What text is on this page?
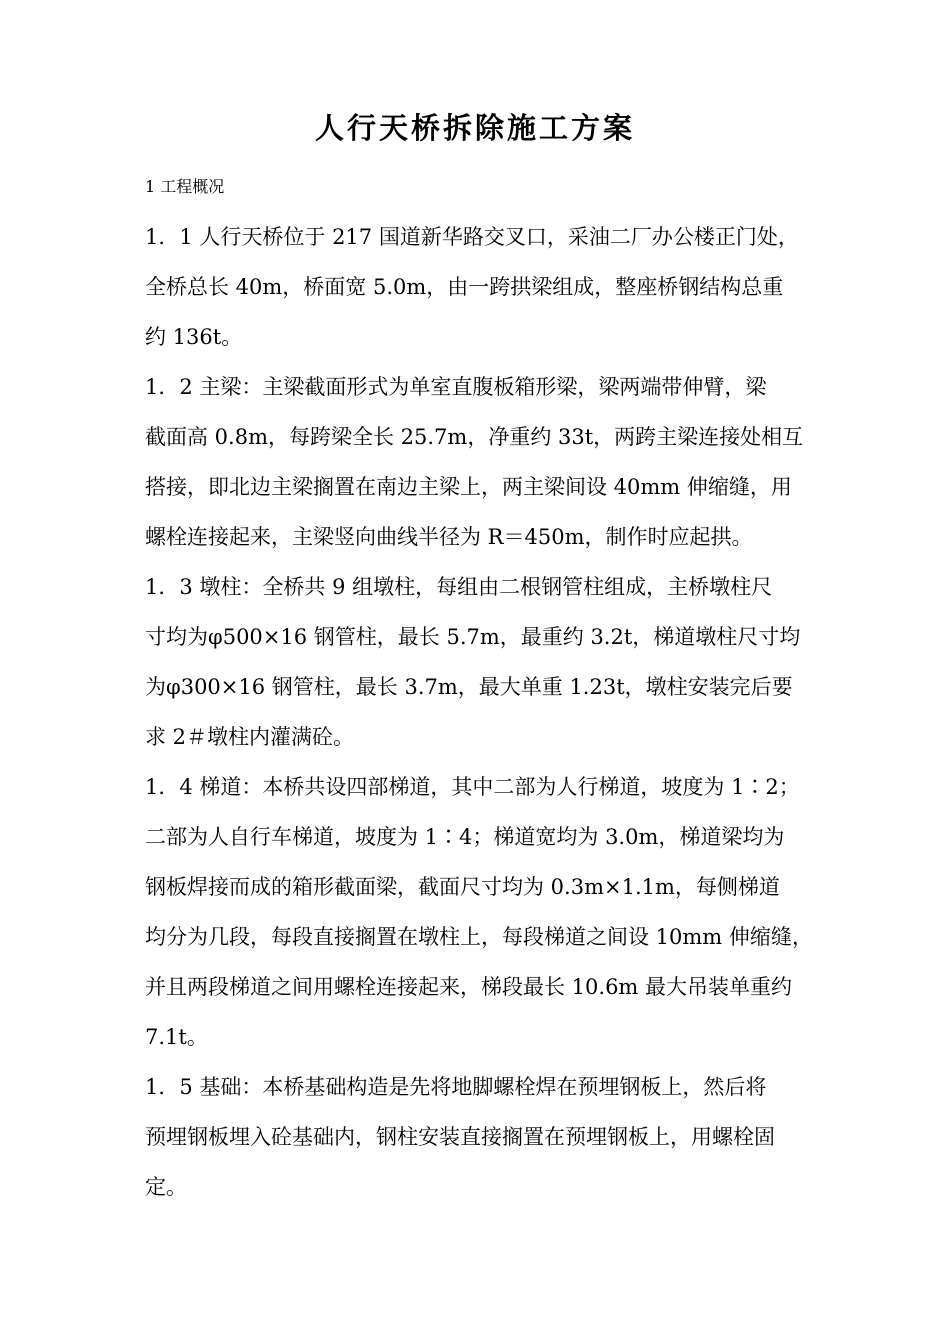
人行天桥拆除施工方案
1 工程概况
1．1 人行天桥位于 217 国道新华路交叉口，采油二厂办公楼正门处，
全桥总长 40m，桥面宽 5.0m，由一跨拱梁组成，整座桥钢结构总重
约 136t。
1．2 主梁：主梁截面形式为单室直腹板箱形梁，梁两端带伸臂，梁
截面高 0.8m，每跨梁全长 25.7m，净重约 33t，两跨主梁连接处相互
搭接，即北边主梁搁置在南边主梁上，两主梁间设 40mm 伸缩缝，用
螺栓连接起来，主梁竖向曲线半径为 R＝450m，制作时应起拱。
1．3 墩柱：全桥共 9 组墩柱，每组由二根钢管柱组成，主桥墩柱尺
寸均为φ500×16 钢管柱，最长 5.7m，最重约 3.2t，梯道墩柱尺寸均
为φ300×16 钢管柱，最长 3.7m，最大单重 1.23t，墩柱安装完后要
求 2＃墩柱内灌满砼。
1．4 梯道：本桥共设四部梯道，其中二部为人行梯道，坡度为 1∶2；
二部为人自行车梯道，坡度为 1∶4；梯道宽均为 3.0m，梯道梁均为
钢板焊接而成的箱形截面梁，截面尺寸均为 0.3m×1.1m，每侧梯道
均分为几段，每段直接搁置在墩柱上，每段梯道之间设 10mm 伸缩缝，
并且两段梯道之间用螺栓连接起来，梯段最长 10.6m 最大吊装单重约
7.1t。
1．5 基础：本桥基础构造是先将地脚螺栓焊在预埋钢板上，然后将
预埋钢板埋入砼基础内，钢柱安装直接搁置在预埋钢板上，用螺栓固
定。
